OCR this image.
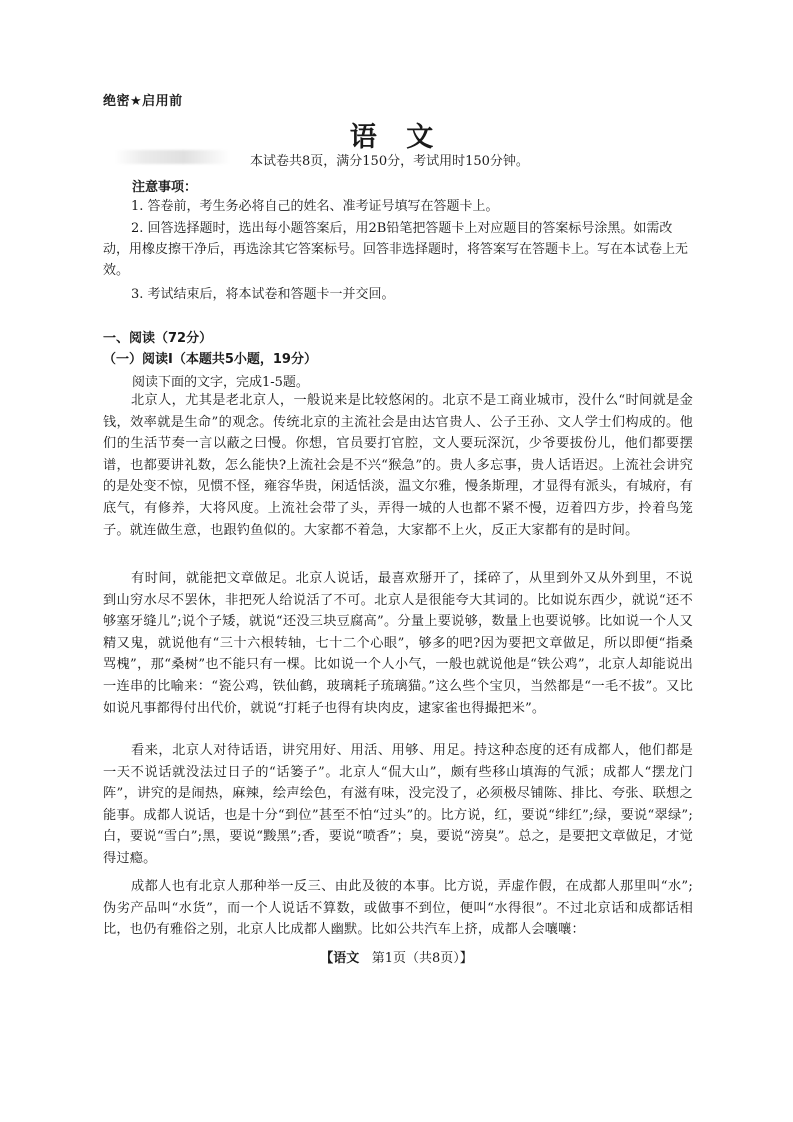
绝密★启用前
语 文
本试卷共8页，满分150分，考试用时150分钟。
注意事项：
1. 答卷前，考生务必将自己的姓名、准考证号填写在答题卡上。
2. 回答选择题时，选出每小题答案后，用2B铅笔把答题卡上对应题目的答案标号涂黑。如需改动，用橡皮擦干净后，再选涂其它答案标号。回答非选择题时，将答案写在答题卡上。写在本试卷上无效。
3. 考试结束后，将本试卷和答题卡一并交回。
一、阅读（72分）
（一）阅读Ⅰ（本题共5小题，19分）
阅读下面的文字，完成1-5题。
北京人，尤其是老北京人，一般说来是比较悠闲的。北京不是工商业城市，没什么“时间就是金钱，效率就是生命”的观念。传统北京的主流社会是由达官贵人、公子王孙、文人学士们构成的。他们的生活节奏一言以蔽之曰慢。你想，官员要打官腔，文人要玩深沉，少爷要拔份儿，他们都要摆谱，也都要讲礼数，怎么能快?上流社会是不兴“猴急”的。贵人多忘事，贵人话语迟。上流社会讲究的是处变不惊，见惯不怪，雍容华贵，闲适恬淡，温文尔雅，慢条斯理，才显得有派头，有城府，有底气，有修养，大将风度。上流社会带了头，弄得一城的人也都不紧不慢，迈着四方步，拎着鸟笼子。就连做生意，也跟钓鱼似的。大家都不着急，大家都不上火，反正大家都有的是时间。
有时间，就能把文章做足。北京人说话，最喜欢掰开了，揉碎了，从里到外又从外到里，不说到山穷水尽不罢休，非把死人给说活了不可。北京人是很能夸大其词的。比如说东西少，就说“还不够塞牙缝儿”;说个子矮，就说“还没三块豆腐高”。分量上要说够，数量上也要说够。比如说一个人又精又鬼，就说他有“三十六根转轴，七十二个心眼”，够多的吧?因为要把文章做足，所以即便“指桑骂槐”，那“桑树”也不能只有一棵。比如说一个人小气，一般也就说他是“铁公鸡”，北京人却能说出一连串的比喻来：“瓷公鸡，铁仙鹤，玻璃耗子琉璃猫。”这么些个宝贝，当然都是“一毛不拔”。又比如说凡事都得付出代价，就说“打耗子也得有块肉皮，逮家雀也得撮把米”。
看来，北京人对待话语，讲究用好、用活、用够、用足。持这种态度的还有成都人，他们都是一天不说话就没法过日子的“话篓子”。北京人“侃大山”，颇有些移山填海的气派；成都人“摆龙门阵”，讲究的是闹热，麻辣，绘声绘色，有滋有味，没完没了，必须极尽铺陈、排比、夸张、联想之能事。成都人说话，也是十分“到位”甚至不怕“过头”的。比方说，红，要说“绯红”;绿，要说“翠绿”;白，要说“雪白”;黑，要说“黢黑”;香，要说“喷香”；臭，要说“滂臭”。总之，是要把文章做足，才觉得过瘾。
成都人也有北京人那种举一反三、由此及彼的本事。比方说，弄虚作假，在成都人那里叫“水”;伪劣产品叫“水货”，而一个人说话不算数，或做事不到位，便叫“水得很”。不过北京话和成都话相比，也仍有雅俗之别，北京人比成都人幽默。比如公共汽车上挤，成都人会嚷嚷：
【语文 第1页（共8页）】
